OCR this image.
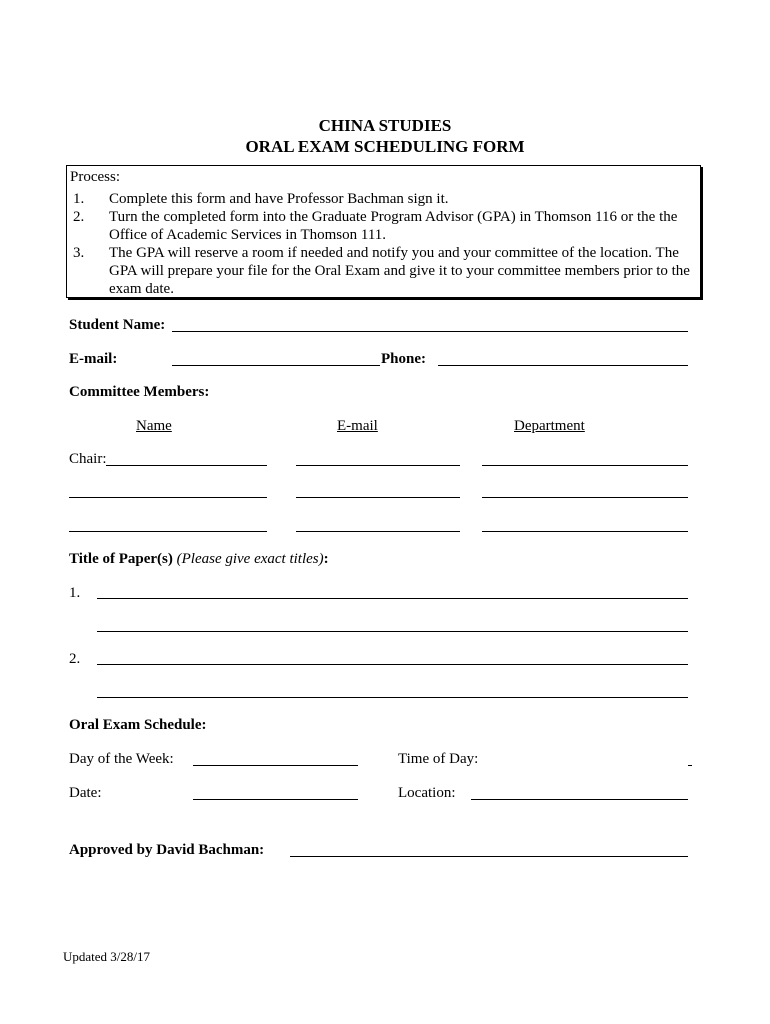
CHINA STUDIES
ORAL EXAM SCHEDULING FORM
Process:
1. Complete this form and have Professor Bachman sign it.
2. Turn the completed form into the Graduate Program Advisor (GPA) in Thomson 116 or the the
Office of Academic Services in Thomson 111.
3. The GPA will reserve a room if needed and notify you and your committee of the location. The
GPA will prepare your file for the Oral Exam and give it to your committee members prior to the
exam date.
Student Name:
E-mail:	Phone:
Committee Members:
Name	E-mail	Department
Chair:
Title of Paper(s) (Please give exact titles):
1.
2.
Oral Exam Schedule:
Day of the Week:	Time of Day:
Date:	Location:
Approved by David Bachman:
Updated 3/28/17
